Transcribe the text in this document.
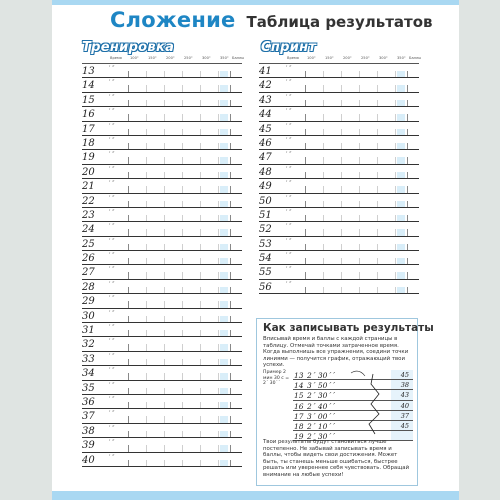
Сложение Таблица результатов
Тренировка	Спринт
Время 100"	150"	200"	250"	300"	350" Баллы
13	′ ″
14	′ ″
15	′ ″
16	′ ″
17	′ ″
18	′ ″
19	′ ″
20	′ ″
21	′ ″
22	′ ″
23	′ ″
24	′ ″
25	′ ″
26	′ ″
27	′ ″
28	′ ″
29	′ ″
30	′ ″
31	′ ″
32	′ ″
33	′ ″
34	′ ″
35	′ ″
36	′ ″
37	′ ″
38	′ ″
39	′ ″
40	′ ″
Время 100"	150"	200"	250"	300"	350" Баллы
41	′ ″
42	′ ″
43	′ ″
44	′ ″
45	′ ″
46	′ ″
47	′ ″
48	′ ″
49	′ ″
50	′ ″
51	′ ″
52	′ ″
53	′ ″
54	′ ″
55	′ ″
56	′ ″
Как записывать результаты
Впиcывай время и баллы с каждой страницы в таблицу. Отмечай точками затраченное время. Когда выполнишь все упражнения, соедини точки линиями — получится график, отражающий твои успехи.
Пример 2 мин 30 с = 2´ 30´´
13 2´ 30´´	45
14 3´ 50´´	38
15 2´ 30´´	43
16 2´ 40´´	40
17 3´ 00´´	37
18 2´ 10´´	45
19 2´ 30´´
Твои результаты будут становиться лучше постепенно. Не забывай записывать время и баллы, чтобы видеть свои достижения. Может быть, ты станешь меньше ошибаться, быстрее решать или увереннее себя чувствовать. Обращай внимание на любые успехи!
